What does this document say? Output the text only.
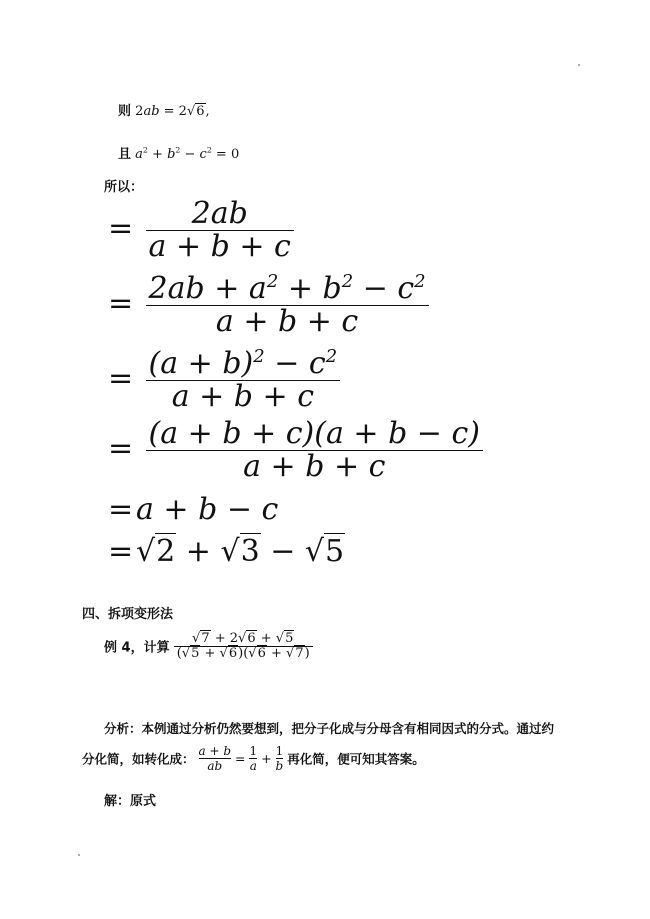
则 2ab = 2√6,
且 $a^2 + b^2 - c^2 = 0$
所以：
= $\frac{2ab}{a + b + c}$
= $\frac{2ab + a^2 + b^2 - c^2}{a + b + c}$
= $\frac{(a + b)^2 - c^2}{a + b + c}$
= $\frac{(a + b + c)(a + b - c)}{a + b + c}$
=a + b − c
=√2 + √3 − √5
四、拆项变形法
例 4，计算 $\frac{√7 + 2√6 + √5}{(√5 + √6)(√6 + √7)}$
分析：本例通过分析仍然要想到，把分子化成与分母含有相同因式的分式。通过约
分化简，如转化成： $\frac{a + b}{ab} = \frac{1}{a} + \frac{1}{b}$ 再化简，便可知其答案。
解：原式
